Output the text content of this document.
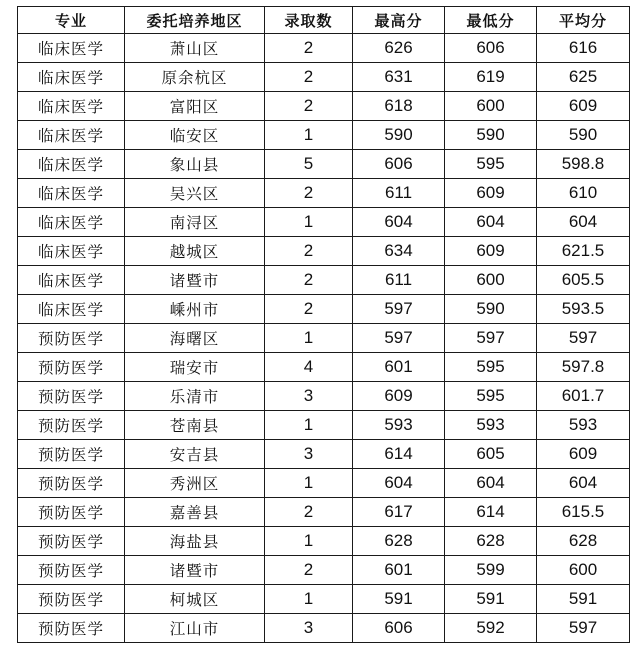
专业	委托培养地区	录取数	最高分	最低分	平均分
临床医学	萧山区	2	626	606	616
临床医学	原余杭区	2	631	619	625
临床医学	富阳区	2	618	600	609
临床医学	临安区	1	590	590	590
临床医学	象山县	5	606	595	598.8
临床医学	吴兴区	2	611	609	610
临床医学	南浔区	1	604	604	604
临床医学	越城区	2	634	609	621.5
临床医学	诸暨市	2	611	600	605.5
临床医学	嵊州市	2	597	590	593.5
预防医学	海曙区	1	597	597	597
预防医学	瑞安市	4	601	595	597.8
预防医学	乐清市	3	609	595	601.7
预防医学	苍南县	1	593	593	593
预防医学	安吉县	3	614	605	609
预防医学	秀洲区	1	604	604	604
预防医学	嘉善县	2	617	614	615.5
预防医学	海盐县	1	628	628	628
预防医学	诸暨市	2	601	599	600
预防医学	柯城区	1	591	591	591
预防医学	江山市	3	606	592	597
